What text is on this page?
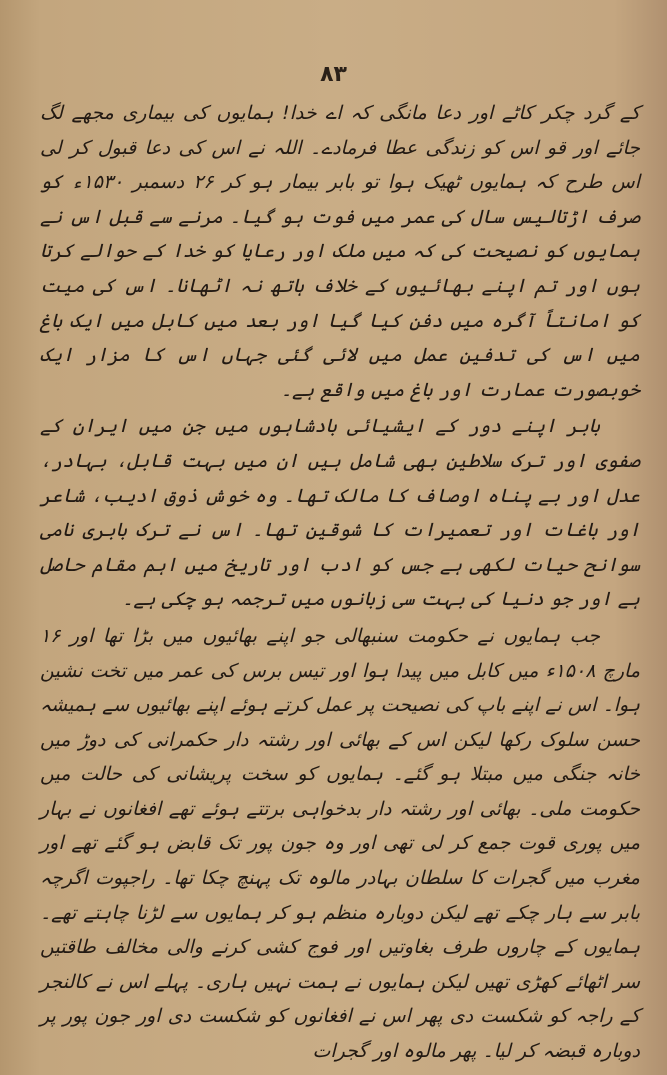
۸۳

کے گرد چکر کاٹے اور دعا مانگی کہ اے خدا! ہمایوں کی بیماری مجھے لگ جائے اور قو اس کو زندگی عطا فرمادے۔ اللہ نے اس کی دعا قبول کر لی اس طرح کہ ہمایوں ٹھیک ہوا تو بابر بیمار ہو کر ۲۶ دسمبر ۱۵۳۰ء کو صرف اڑتالیس سال کی عمر میں فوت ہو گیا۔ مرنے سے قبل اس نے ہمایوں کو نصیحت کی کہ میں ملک اور رعایا کو خدا کے حوالے کرتا ہوں اور تم اپنے بھائیوں کے خلاف ہاتھ نہ اٹھانا۔ اس کی میت کو امانتاً آگرہ میں دفن کیا گیا اور بعد میں کابل میں ایک باغ میں اس کی تدفین عمل میں لائی گئی جہاں اس کا مزار ایک خوبصورت عمارت اور باغ میں واقع ہے۔

بابر اپنے دور کے ایشیائی بادشاہوں میں جن میں ایران کے صفوی اور ترک سلاطین بھی شامل ہیں ان میں بہت قابل، بہادر، عدل اور بے پناہ اوصاف کا مالک تھا۔ وہ خوش ذوق ادیب، شاعر اور باغات اور تعمیرات کا شوقین تھا۔ اس نے ترک بابری نامی سوانح حیات لکھی ہے جس کو ادب اور تاریخ میں اہم مقام حاصل ہے اور جو دنیا کی بہت سی زبانوں میں ترجمہ ہو چکی ہے۔

جب ہمایوں نے حکومت سنبھالی جو اپنے بھائیوں میں بڑا تھا اور ۱۶ مارچ ۱۵۰۸ء میں کابل میں پیدا ہوا اور تیس برس کی عمر میں تخت نشین ہوا۔ اس نے اپنے باپ کی نصیحت پر عمل کرتے ہوئے اپنے بھائیوں سے ہمیشہ حسن سلوک رکھا لیکن اس کے بھائی اور رشتہ دار حکمرانی کی دوڑ میں خانہ جنگی میں مبتلا ہو گئے۔ ہمایوں کو سخت پریشانی کی حالت میں حکومت ملی۔ بھائی اور رشتہ دار بدخواہی برتتے ہوئے تھے افغانوں نے بہار میں پوری قوت جمع کر لی تھی اور وہ جون پور تک قابض ہو گئے تھے اور مغرب میں گجرات کا سلطان بہادر مالوہ تک پہنچ چکا تھا۔ راجپوت اگرچہ بابر سے ہار چکے تھے لیکن دوبارہ منظم ہو کر ہمایوں سے لڑنا چاہتے تھے۔ ہمایوں کے چاروں طرف بغاوتیں اور فوج کشی کرنے والی مخالف طاقتیں سر اٹھائے کھڑی تھیں لیکن ہمایوں نے ہمت نہیں ہاری۔ پہلے اس نے کالنجر کے راجہ کو شکست دی پھر اس نے افغانوں کو شکست دی اور جون پور پر دوبارہ قبضہ کر لیا۔ پھر مالوہ اور گجرات
